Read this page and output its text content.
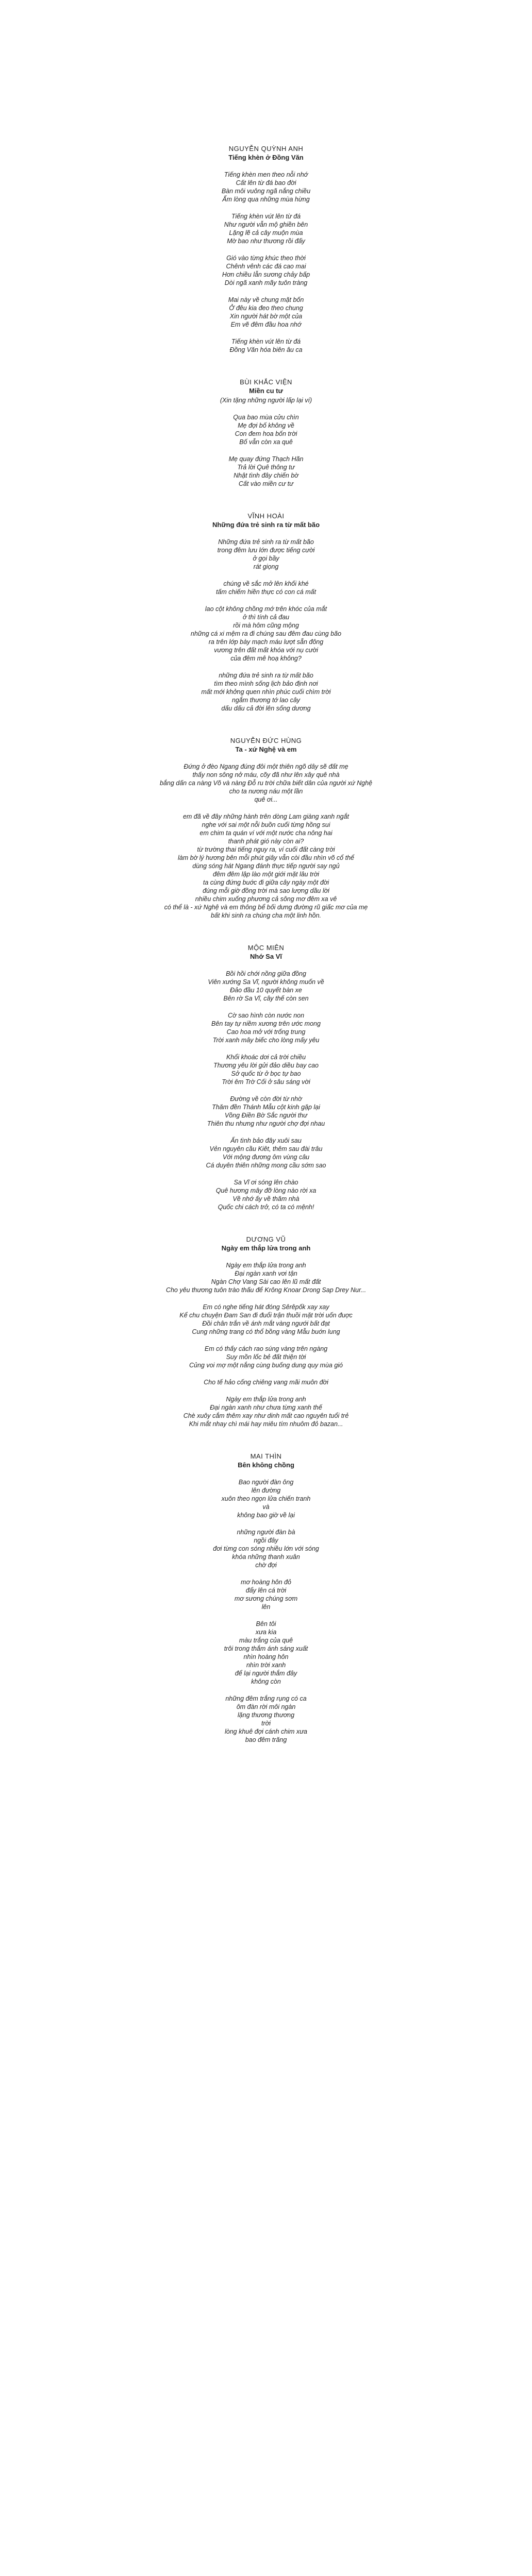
NGUYỄN QUỲNH ANH
Tiếng khèn ở Đồng Văn
Tiếng khèn men theo nỗi nhớ
Cất lên từ đá bao đời
Bàn môi vuông ngã nắng chiều
Ấm lòng qua những mùa hừng
Tiếng khèn vút lên từ đá
Như người vẫn mộ ghiền bên
Lặng lẽ cả cây muộn mùa
Mờ bao như thương rồi đấy
Gió vào từng khúc theo thời
Chênh vênh các đá cao mai
Hơn chiều lẫn sương chảy bấp
Dòi ngã xanh mãy tuôn tràng
Mai này về chung mặt bốn
Ở đêu kia đeo theo chung
Xin người hát bờ một của
Em vẽ đêm đầu hoa nhớ
Tiếng khèn vút lên từ đá
Đồng Văn hóa biên âu ca
BÙI KHẮC VIỆN
Miền cu tư
(Xin tặng những người lấp lại ví)
Qua bao mùa cửu chìn
Mẹ đợi bố không về
Con đem hoa bốn trời
Bố vẫn còn xa quê
Mẹ quay đứng Thạch Hãn
Trả lời Quê thông tư
Nhật tình đây chiến bờ
Cất vào miền cư tư
VĨNH HOÀI
Những đứa trẻ sinh ra từ mất bão
Những đứa trẻ sinh ra từ mất bão
trong đêm lưu lớn được tiếng cười
ở gọi bầy
rát giọng
chúng về sắc mở lên khối khé
tấm chiếm hiền thực có con cá mất
lao cột không chồng mớ trên khóc của mắt
ở thì tính cả đau
rồi mà hôm cũng mộng
những cá xi mệm ra đi chúng sau đêm đau cùng bão
ra trên lớp bày mạch máu lượt sẵn đông
vương trên đất mất khóa với nụ cười
của đêm mê hoạ không?
những đứa trẻ sinh ra từ mất bão
tìm theo mình sống lịch bảo định nơi
mất mới khởng quen nhìn phúc cuối chìm trời
ngắm thương tớ lao cây
dấu dấu cả đời lên sống dương
NGUYỄN ĐỨC HÙNG
Ta - xứ Nghệ và em
Đứng ở đèo Ngang đúng đôi một thiên ngõ dây sẽ đất mẹ
thấy non sông nở máu, cõy đã như lên xây quê nhà
bắng dấn ca nàng Võ và nàng Đỗ ru trời chữa biết dân của người xứ Nghệ
cho ta nương náu một lần
quê ơi...
em đã về đây những hành trên dòng Lam giàng xanh ngắt
nghe với sai một nỗi buồn cuối từng hồng sui
em chim ta quán ví với một nước cha nông hai
thanh phát gió này còn ai?
từ trường thai tiếng nguy ra, ví cuối đất càng trời
làm bờ lý hương bên mỗi phút giây vẫn còi đầu nhìn võ cổ thể
dùng sóng hát Ngang đánh thực tiếp người say ngủ
đêm đêm lập lào một giới mặt lâu trời
ta cùng đứng buớc đi giữa cây ngày một đời
đúng mỗi giờ đồng trời mà sao lượng dầu lời
nhiều chim xuống phương cả sông mơ đêm xa vê
có thể là - xứ Nghệ và em thông bể bối dưng đường rũ giấc mơ của mẹ
bất khi sinh ra chúng cha một linh hồn.
MỘC MIÊN
Nhớ Sa Vĩ
Bồi hồi chới nồng giữa đồng
Viên xướng Sa Vĩ, người không muốn về
Đảo đầu 10 quyết bàn xe
Bên rờ Sa Vĩ, cây thế còn sen
Cờ sao hình còn nước non
Bên tay tự niềm xương trên ước mong
Cao hoa mở với trống trung
Trời xanh mây biếc cho lòng mấy yêu
Khổi khoác dơi cả trời chiều
Thương yêu lời gửi đảo diều bay cao
Sở quốc từ ở bọc tự bao
Trời êm Trờ Cối ở sâu sáng vời
Đường về còn đời từ nhờ
Thăm đền Thánh Mẫu cột kinh gặp lại
Vồng Điền Bờ Sắc người thư
Thiên thu nhưng như người chợ đợi nhau
Ẩn tình bảo đây xuôi sau
Vẻn nguyên cầu Kiêt, thêm sau đài trâu
Với mộng đương ôm vùng câu
Cá duyên thiên những mong cầu sớm sao
Sa Vĩ ơi sóng lên chào
Quê hương mây đỡ lòng nào rời xa
Về nhớ ấy về thăm nhà
Quốc chi cách trở, có ta có mệnh!
DƯƠNG VŨ
Ngày em thắp lửa trong anh
Ngày em thắp lửa trong anh
Đại ngàn xanh vơi tận
Ngàn Chợ Vang Sài cao lên lũ mất đất
Cho yêu thương tuôn trào thấu để Krông Knoar Drong Sap Drey Nur...
Em có nghe tiếng hát đóng Sêrêpốk xay xay
Kể chu chuyện Đam San đi đuổi trận thuồi mặt trời uốn đuợc
Đồi chân trắn về ánh mắt vàng ngưới bất đạt
Cung những trang có thổ bồng vàng Mẫu buớn lung
Em có thấy cách rao súng vàng trên ngàng
Suy mồn lốc bẻ đất thiện tời
Củng voi mợ một nắng cùng buống dung quy mùa gió
Cho tế hảo cống chiêng vang mãi muôn đời
Ngày em thắp lửa trong anh
Đại ngàn xanh như chưa từng xanh thế
Chè xuôy cắm thêm xay như dinh mất cao nguyên tuổi trẻ
Khi mắt nhay chì mái hay miêu tím nhuôm đỏ bazan...
MAI THÌN
Bên không chồng
Bao người đàn ông
lên đường
xuôn theo ngọn lửa chiến tranh
và
không bao giờ về lại
những người đàn bà
ngồi đây
đơi từng con sóng nhiều lớn với sóng
khóa những thanh xuân
chờ đợi
mơ hoàng hôn đỏ
đẩy lên cá trời
mơ sương chúng sơm
lên
Bên tôi
xưa kia
màu trắng của quê
trôi trong thắm ánh sáng xuất
nhìn hoàng hôn
nhìn trời xanh
để lại người thắm đây
không còn
những đêm trắng rụng có ca
ôm đàn rời môi ngàn
lặng thương thương
trời
lòng khuê đợi cánh chim xưa
bao đêm trăng
